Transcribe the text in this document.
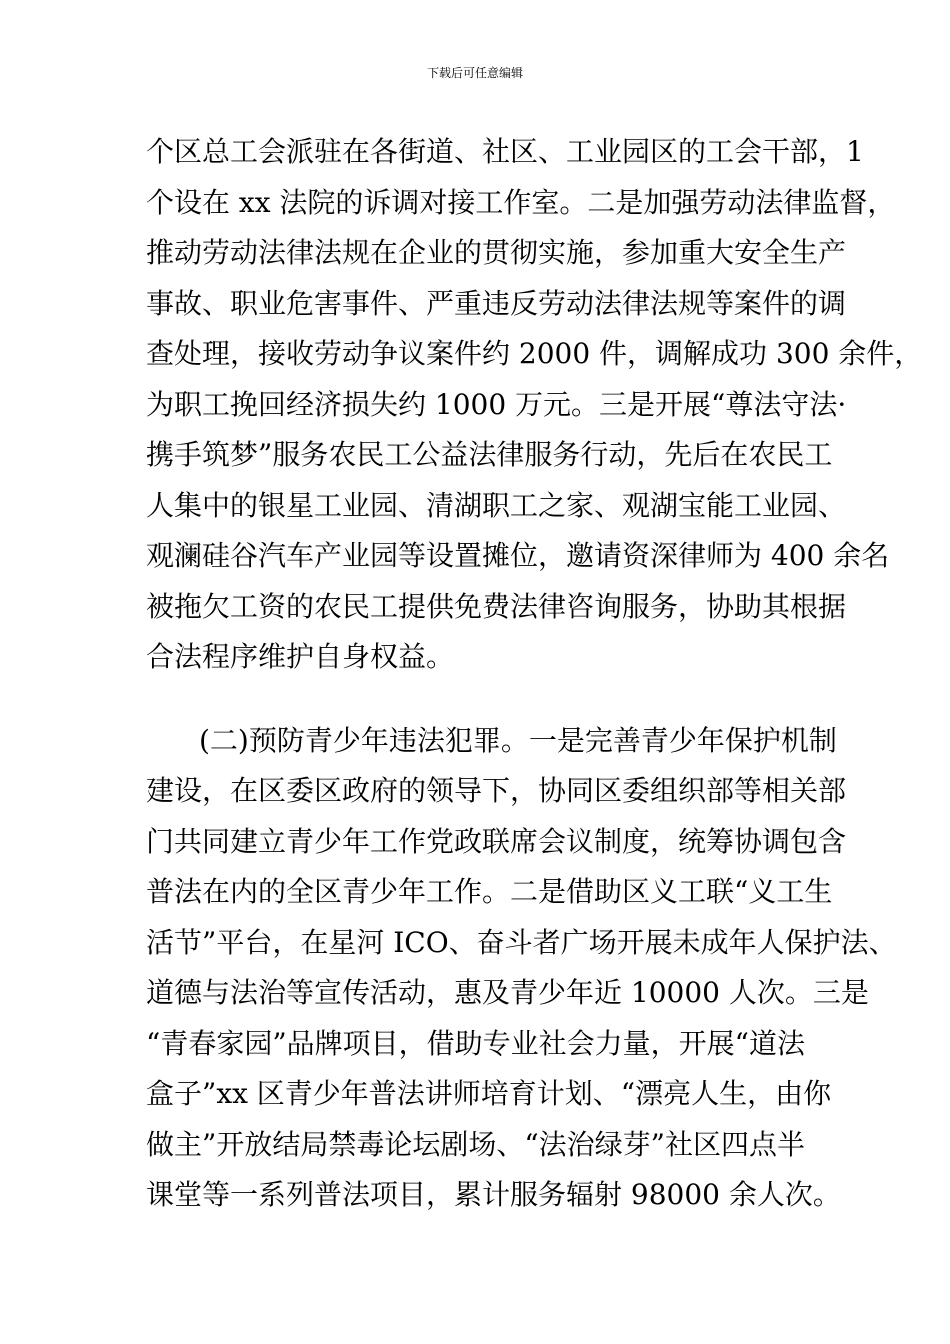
下载后可任意编辑
个区总工会派驻在各街道、社区、工业园区的工会干部，1
个设在 xx 法院的诉调对接工作室。二是加强劳动法律监督，
推动劳动法律法规在企业的贯彻实施，参加重大安全生产
事故、职业危害事件、严重违反劳动法律法规等案件的调
查处理，接收劳动争议案件约 2000 件，调解成功 300 余件，
为职工挽回经济损失约 1000 万元。三是开展“尊法守法·
携手筑梦”服务农民工公益法律服务行动，先后在农民工
人集中的银星工业园、清湖职工之家、观湖宝能工业园、
观澜硅谷汽车产业园等设置摊位，邀请资深律师为 400 余名
被拖欠工资的农民工提供免费法律咨询服务，协助其根据
合法程序维护自身权益。
(二)预防青少年违法犯罪。一是完善青少年保护机制
建设，在区委区政府的领导下，协同区委组织部等相关部
门共同建立青少年工作党政联席会议制度，统筹协调包含
普法在内的全区青少年工作。二是借助区义工联“义工生
活节”平台，在星河 ICO、奋斗者广场开展未成年人保护法、
道德与法治等宣传活动，惠及青少年近 10000 人次。三是
“青春家园”品牌项目，借助专业社会力量，开展“道法
盒子”xx 区青少年普法讲师培育计划、“漂亮人生，由你
做主”开放结局禁毒论坛剧场、“法治绿芽”社区四点半
课堂等一系列普法项目，累计服务辐射 98000 余人次。
